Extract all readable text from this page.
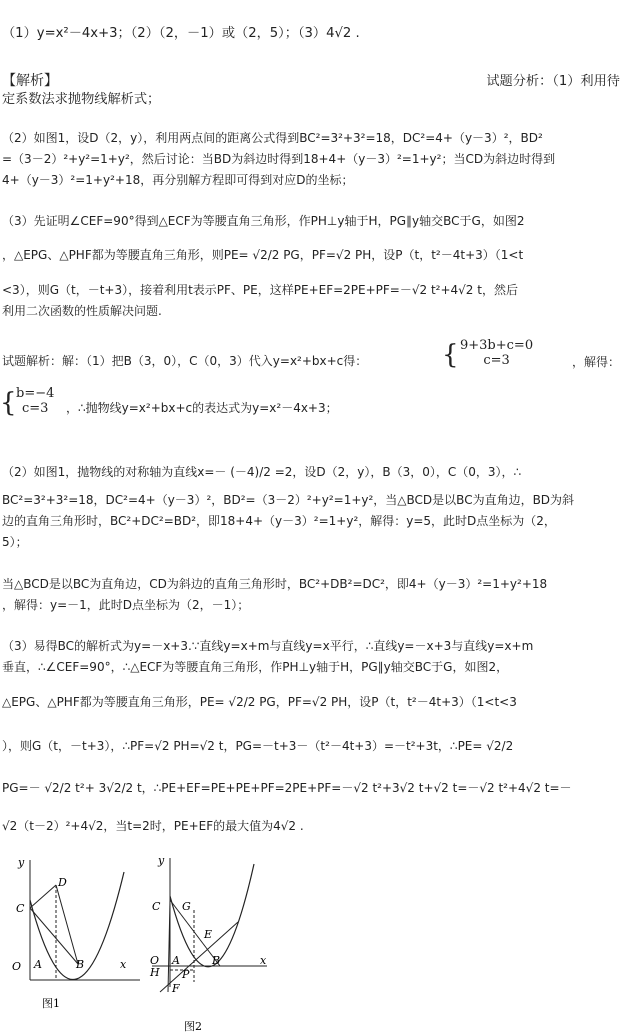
（1）y=x²－4x+3；（2）（2，－1）或（2，5）；（3）4√2 .
【解析】	试题分析：（1）利用待
定系数法求抛物线解析式；
（2）如图1，设D（2，y），利用两点间的距离公式得到BC²=3²+3²=18，DC²=4+（y－3）²，BD²
=（3－2）²+y²=1+y²，然后讨论：当BD为斜边时得到18+4+（y－3）²=1+y²；当CD为斜边时得到
4+（y－3）²=1+y²+18，再分别解方程即可得到对应D的坐标；
（3）先证明∠CEF=90°得到△ECF为等腰直角三角形，作PH⊥y轴于H，PG∥y轴交BC于G，如图2
，△EPG、△PHF都为等腰直角三角形，则PE= √2/2 PG，PF=√2 PH，设P（t，t²－4t+3）（1<t
<3），则G（t，－t+3），接着利用t表示PF、PE，这样PE+EF=2PE+PF=－√2 t²+4√2 t，然后
利用二次函数的性质解决问题.
试题解析：解：（1）把B（3，0），C（0，3）代入y=x²+bx+c得：	{ 9+3b+c=0
c=3	，解得：
{ b=−4
c=3	，∴抛物线y=x²+bx+c的表达式为y=x²－4x+3；
（2）如图1，抛物线的对称轴为直线x=－ (－4)/2 =2，设D（2，y），B（3，0），C（0，3），∴
BC²=3²+3²=18，DC²=4+（y－3）²，BD²=（3－2）²+y²=1+y²，当△BCD是以BC为直角边，BD为斜
边的直角三角形时，BC²+DC²=BD²，即18+4+（y－3）²=1+y²，解得：y=5，此时D点坐标为（2，
5）；
当△BCD是以BC为直角边，CD为斜边的直角三角形时，BC²+DB²=DC²，即4+（y－3）²=1+y²+18
，解得：y=－1，此时D点坐标为（2，－1）；
（3）易得BC的解析式为y=－x+3.∵直线y=x+m与直线y=x平行，∴直线y=－x+3与直线y=x+m
垂直，∴∠CEF=90°，∴△ECF为等腰直角三角形，作PH⊥y轴于H，PG∥y轴交BC于G，如图2，
△EPG、△PHF都为等腰直角三角形，PE= √2/2 PG，PF=√2 PH，设P（t，t²－4t+3）（1<t<3
），则G（t，－t+3），∴PF=√2 PH=√2 t，PG=－t+3－（t²－4t+3）=－t²+3t，∴PE= √2/2
PG=－ √2/2 t²+ 3√2/2 t，∴PE+EF=PE+PE+PF=2PE+PF=－√2 t²+3√2 t+√2 t=－√2 t²+4√2 t=－
√2（t－2）²+4√2，当t=2时，PE+EF的最大值为4√2 .
y
C
D
O A	B	x
图1
y
C G
E
O
H
A
P
B
F
x
图2
